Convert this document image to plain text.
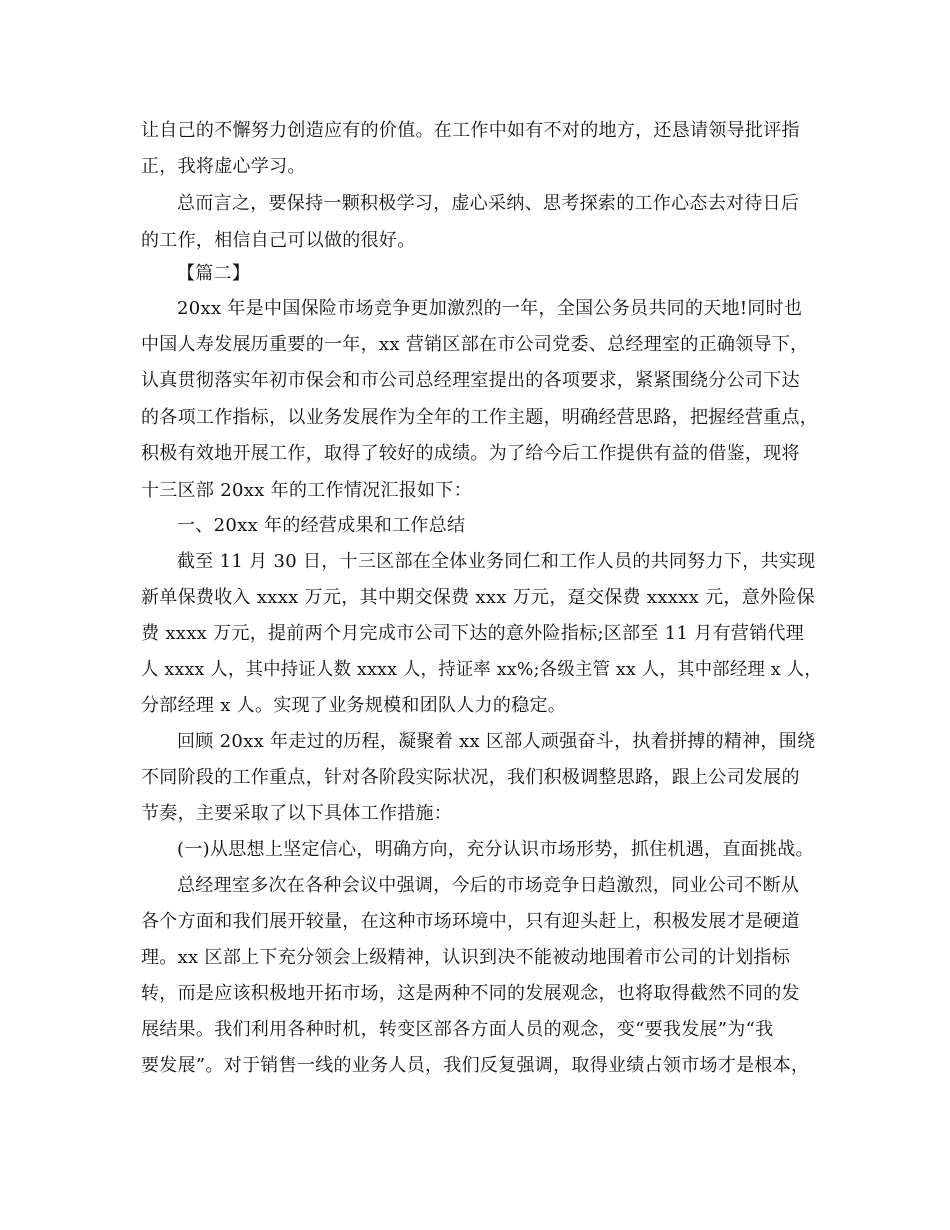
让自己的不懈努力创造应有的价值。在工作中如有不对的地方，还恳请领导批评指
正，我将虚心学习。
总而言之，要保持一颗积极学习，虚心采纳、思考探索的工作心态去对待日后
的工作，相信自己可以做的很好。
【篇二】
20xx 年是中国保险市场竞争更加激烈的一年，全国公务员共同的天地!同时也
中国人寿发展历重要的一年，xx 营销区部在市公司党委、总经理室的正确领导下，
认真贯彻落实年初市保会和市公司总经理室提出的各项要求，紧紧围绕分公司下达
的各项工作指标，以业务发展作为全年的工作主题，明确经营思路，把握经营重点，
积极有效地开展工作，取得了较好的成绩。为了给今后工作提供有益的借鉴，现将
十三区部 20xx 年的工作情况汇报如下：
一、20xx 年的经营成果和工作总结
截至 11 月 30 日，十三区部在全体业务同仁和工作人员的共同努力下，共实现
新单保费收入 xxxx 万元，其中期交保费 xxx 万元，趸交保费 xxxxx 元，意外险保
费 xxxx 万元，提前两个月完成市公司下达的意外险指标;区部至 11 月有营销代理
人 xxxx 人，其中持证人数 xxxx 人，持证率 xx%;各级主管 xx 人，其中部经理 x 人，
分部经理 x 人。实现了业务规模和团队人力的稳定。
回顾 20xx 年走过的历程，凝聚着 xx 区部人顽强奋斗，执着拼搏的精神，围绕
不同阶段的工作重点，针对各阶段实际状况，我们积极调整思路，跟上公司发展的
节奏，主要采取了以下具体工作措施：
(一)从思想上坚定信心，明确方向，充分认识市场形势，抓住机遇，直面挑战。
总经理室多次在各种会议中强调，今后的市场竞争日趋激烈，同业公司不断从
各个方面和我们展开较量，在这种市场环境中，只有迎头赶上，积极发展才是硬道
理。xx 区部上下充分领会上级精神，认识到决不能被动地围着市公司的计划指标
转，而是应该积极地开拓市场，这是两种不同的发展观念，也将取得截然不同的发
展结果。我们利用各种时机，转变区部各方面人员的观念，变“要我发展”为“我
要发展”。对于销售一线的业务人员，我们反复强调，取得业绩占领市场才是根本，
